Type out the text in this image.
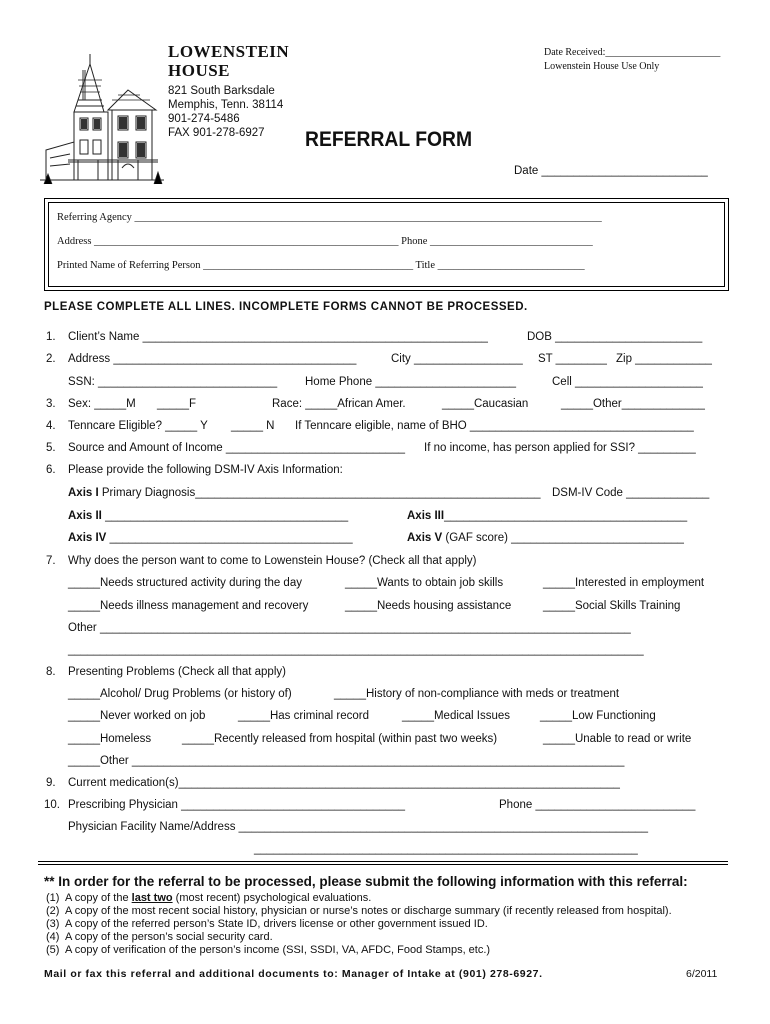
LOWENSTEIN
HOUSE
821 South Barksdale
Memphis, Tenn. 38114
901-274-5486
FAX 901-278-6927
Date Received:_______________________
Lowenstein House Use Only
REFERRAL FORM
Date __________________________
Referring Agency _________________________________________________________________________________________
Address __________________________________________________________ Phone _______________________________
Printed Name of Referring Person ________________________________________ Title ____________________________
PLEASE COMPLETE ALL LINES. INCOMPLETE FORMS CANNOT BE PROCESSED.
1. Client’s Name ______________________________________________________	DOB _______________________
2. Address ______________________________________	City _________________ ST ________ Zip ____________
SSN: ____________________________ Home Phone ______________________	Cell ____________________
3. Sex: _____M _____F	Race: _____African Amer.	_____Caucasian	_____Other_____________
4. Tenncare Eligible? _____ Y _____ N If Tenncare eligible, name of BHO ___________________________________
5. Source and Amount of Income ____________________________ If no income, has person applied for SSI? _________
6. Please provide the following DSM-IV Axis Information:
Axis I Primary Diagnosis______________________________________________________ DSM-IV Code _____________
Axis II ______________________________________	Axis III______________________________________
Axis IV ______________________________________	Axis V (GAF score) ___________________________
7. Why does the person want to come to Lowenstein House? (Check all that apply)
_____Needs structured activity during the day	_____Wants to obtain job skills	_____Interested in employment
_____Needs illness management and recovery	_____Needs housing assistance	_____Social Skills Training
Other ___________________________________________________________________________________
__________________________________________________________________________________________
8. Presenting Problems (Check all that apply)
_____Alcohol/ Drug Problems (or history of)	_____History of non-compliance with meds or treatment
_____Never worked on job	_____Has criminal record	_____Medical Issues	_____Low Functioning
_____Homeless	_____Recently released from hospital (within past two weeks)	_____Unable to read or write
_____Other _____________________________________________________________________________
9. Current medication(s)_____________________________________________________________________
10. Prescribing Physician ___________________________________	Phone _________________________
Physician Facility Name/Address ________________________________________________________________
____________________________________________________________
** In order for the referral to be processed, please submit the following information with this referral:
(1) A copy of the last two (most recent) psychological evaluations.
(2) A copy of the most recent social history, physician or nurse’s notes or discharge summary (if recently released from hospital).
(3) A copy of the referred person’s State ID, drivers license or other government issued ID.
(4) A copy of the person’s social security card.
(5) A copy of verification of the person’s income (SSI, SSDI, VA, AFDC, Food Stamps, etc.)
Mail or fax this referral and additional documents to: Manager of Intake at (901) 278-6927.	6/2011
